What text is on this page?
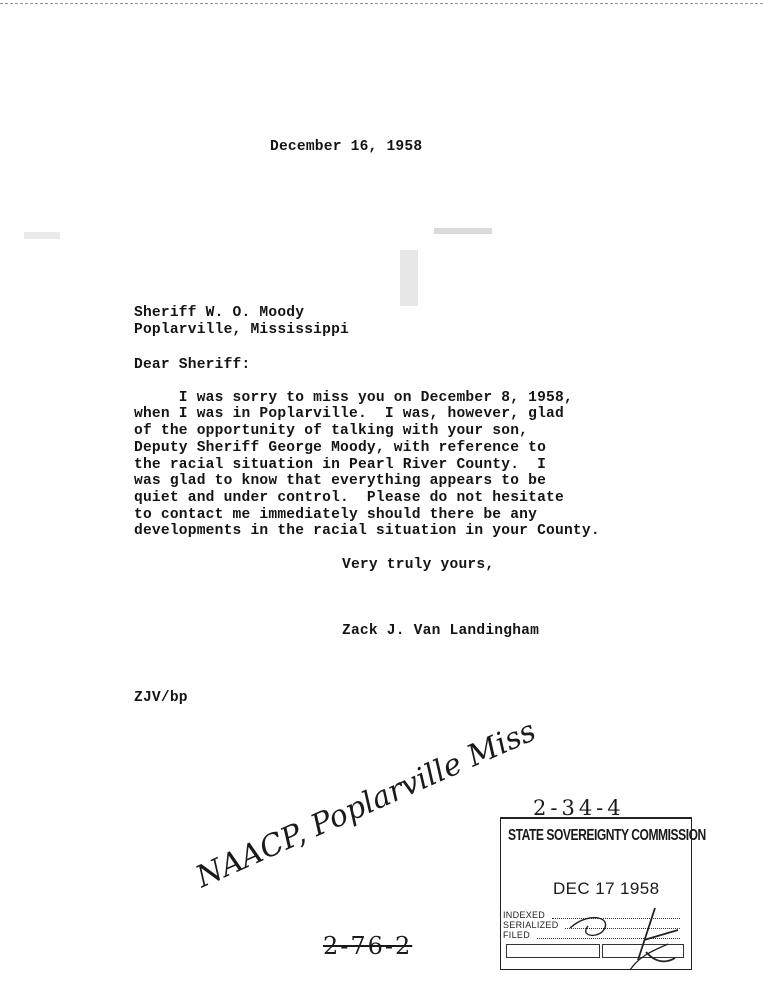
December 16, 1958
Sheriff W. O. Moody
Poplarville, Mississippi
Dear Sheriff:
I was sorry to miss you on December 8, 1958,
when I was in Poplarville.  I was, however, glad
of the opportunity of talking with your son,
Deputy Sheriff George Moody, with reference to
the racial situation in Pearl River County.  I
was glad to know that everything appears to be
quiet and under control.  Please do not hesitate
to contact me immediately should there be any
developments in the racial situation in your County.
Very truly yours,
Zack J. Van Landingham
ZJV/bp
NAACP, Poplarville Miss
2-34-4
2-76-2
STATE SOVEREIGNTY COMMISSION
DEC 17 1958
INDEXED
SERIALIZED
FILED
